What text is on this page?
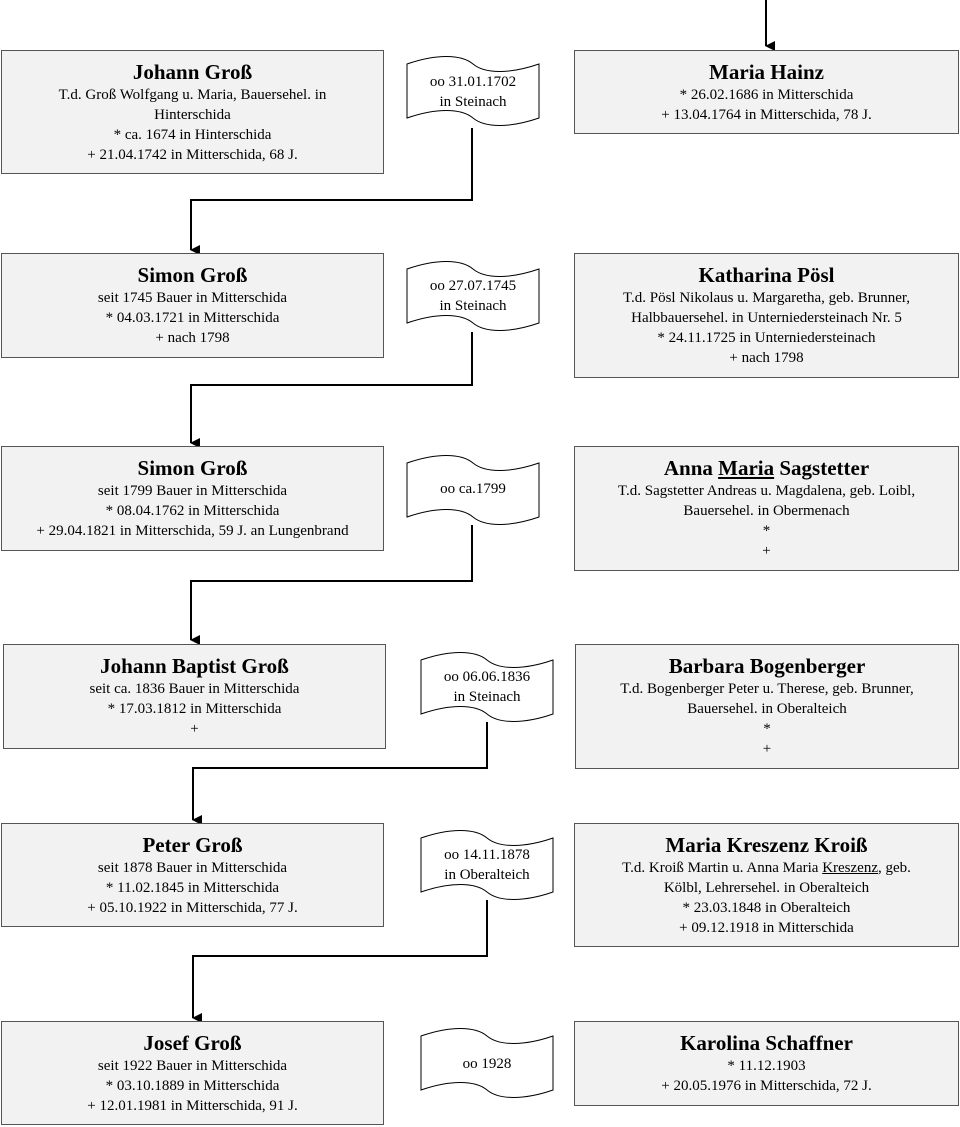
Johann Groß
T.d. Groß Wolfgang u. Maria, Bauersehel. in
Hinterschida
* ca. 1674 in Hinterschida
+ 21.04.1742 in Mitterschida, 68 J.
oo 31.01.1702
in Steinach
Maria Hainz
* 26.02.1686 in Mitterschida
+ 13.04.1764 in Mitterschida, 78 J.
Simon Groß
seit 1745 Bauer in Mitterschida
* 04.03.1721 in Mitterschida
+ nach 1798
oo 27.07.1745
in Steinach
Katharina Pösl
T.d. Pösl Nikolaus u. Margaretha, geb. Brunner,
Halbbauersehel. in Unterniedersteinach Nr. 5
* 24.11.1725 in Unterniedersteinach
+ nach 1798
Simon Groß
seit 1799 Bauer in Mitterschida
* 08.04.1762 in Mitterschida
+ 29.04.1821 in Mitterschida, 59 J. an Lungenbrand
oo ca.1799
Anna Maria Sagstetter
T.d. Sagstetter Andreas u. Magdalena, geb. Loibl,
Bauersehel. in Obermenach
*
+
Johann Baptist Groß
seit ca. 1836 Bauer in Mitterschida
* 17.03.1812 in Mitterschida
+
oo 06.06.1836
in Steinach
Barbara Bogenberger
T.d. Bogenberger Peter u. Therese, geb. Brunner,
Bauersehel. in Oberalteich
*
+
Peter Groß
seit 1878 Bauer in Mitterschida
* 11.02.1845 in Mitterschida
+ 05.10.1922 in Mitterschida, 77 J.
oo 14.11.1878
in Oberalteich
Maria Kreszenz Kroiß
T.d. Kroiß Martin u. Anna Maria Kreszenz, geb.
Kölbl, Lehrersehel. in Oberalteich
* 23.03.1848 in Oberalteich
+ 09.12.1918 in Mitterschida
Josef Groß
seit 1922 Bauer in Mitterschida
* 03.10.1889 in Mitterschida
+ 12.01.1981 in Mitterschida, 91 J.
oo 1928
Karolina Schaffner
* 11.12.1903
+ 20.05.1976 in Mitterschida, 72 J.
